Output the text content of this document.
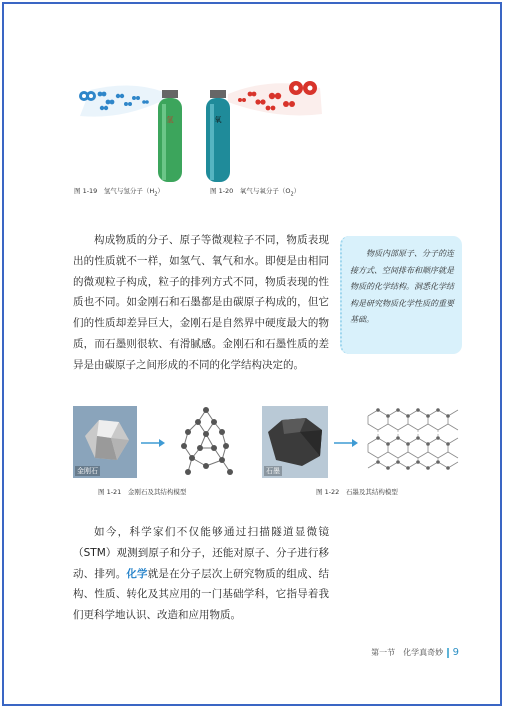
氢	氧
图 1-19　氢气与氢分子$(H_2)$	图 1-20　氧气与氧分子$(O_2)$

构成物质的分子、原子等微观粒子不同，物质表现出的性质就不一样，如氢气、氧气和水。即便是由相同的微观粒子构成，粒子的排列方式不同，物质表现的性质也不同。如金刚石和石墨都是由碳原子构成的，但它们的性质却差异巨大，金刚石是自然界中硬度最大的物质，而石墨则很软、有滑腻感。金刚石和石墨性质的差异是由碳原子之间形成的不同的化学结构决定的。

物质内部原子、分子的连接方式、空间排布和顺序就是物质的化学结构。洞悉化学结构是研究物质化学性质的重要基础。

金刚石	石墨
图 1-21　金刚石及其结构模型	图 1-22　石墨及其结构模型

如今，科学家们不仅能够通过扫描隧道显微镜（STM）观测到原子和分子，还能对原子、分子进行移动、排列。化学就是在分子层次上研究物质的组成、结构、性质、转化及其应用的一门基础学科，它指导着我们更科学地认识、改造和应用物质。

第一节　化学真奇妙 9
